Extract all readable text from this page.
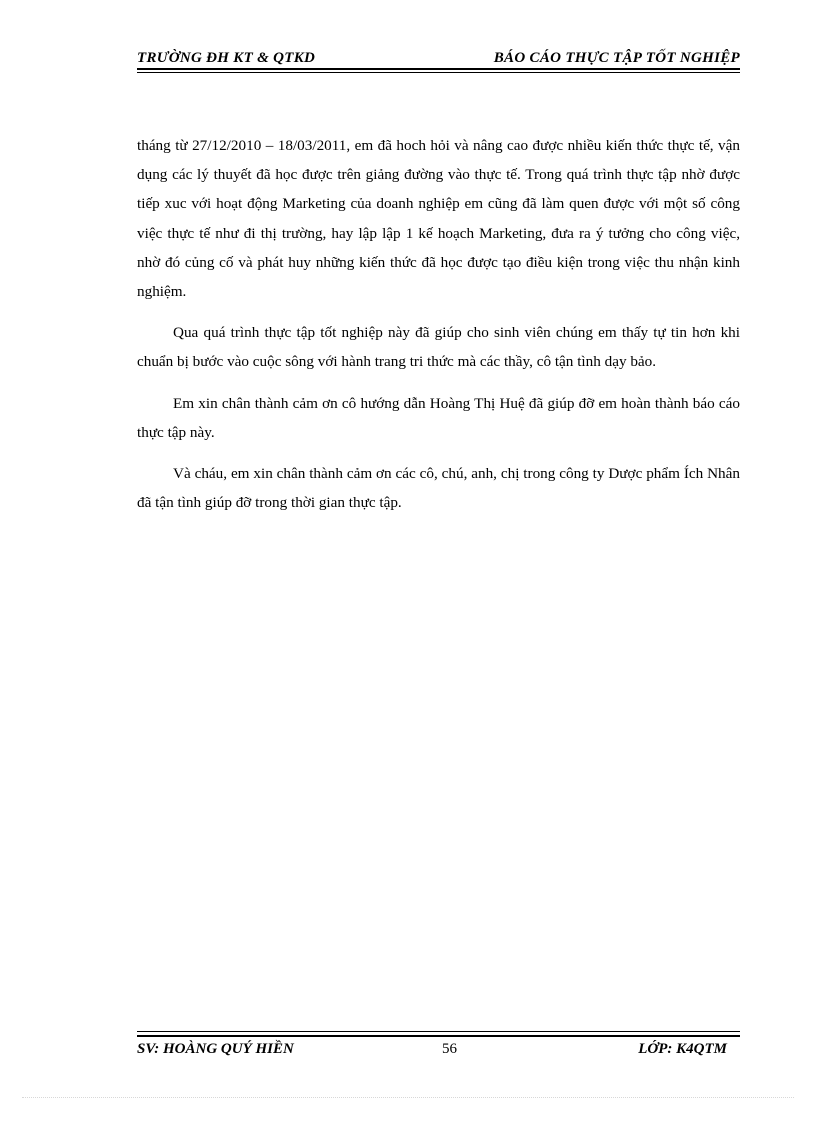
TRƯỜNG ĐH KT & QTKD	BÁO CÁO THỰC TẬP TỐT NGHIỆP

tháng từ 27/12/2010 – 18/03/2011, em đã hoch hỏi và nâng cao được nhiều kiến thức thực tế, vận dụng các lý thuyết đã học được trên giảng đường vào thực tế. Trong quá trình thực tập nhờ được tiếp xuc với hoạt động Marketing của doanh nghiệp em cũng đã làm quen được với một số công việc thực tế như đi thị trường, hay lập lập 1 kế hoạch Marketing, đưa ra ý tưởng cho công việc, nhờ đó củng cố và phát huy những kiến thức đã học được tạo điều kiện trong việc thu nhận kinh nghiệm.

Qua quá trình thực tập tốt nghiệp này đã giúp cho sinh viên chúng em thấy tự tin hơn khi chuẩn bị bước vào cuộc sông với hành trang tri thức mà các thầy, cô tận tình dạy bảo.

Em xin chân thành cảm ơn cô hướng dẫn Hoàng Thị Huệ đã giúp đỡ em hoàn thành báo cáo thực tập này.

Và cháu, em xin chân thành cảm ơn các cô, chú, anh, chị trong công ty Dược phẩm Ích Nhân đã tận tình giúp đỡ trong thời gian thực tập.

SV: HOÀNG QUÝ HIỀN	56	LỚP: K4QTM
